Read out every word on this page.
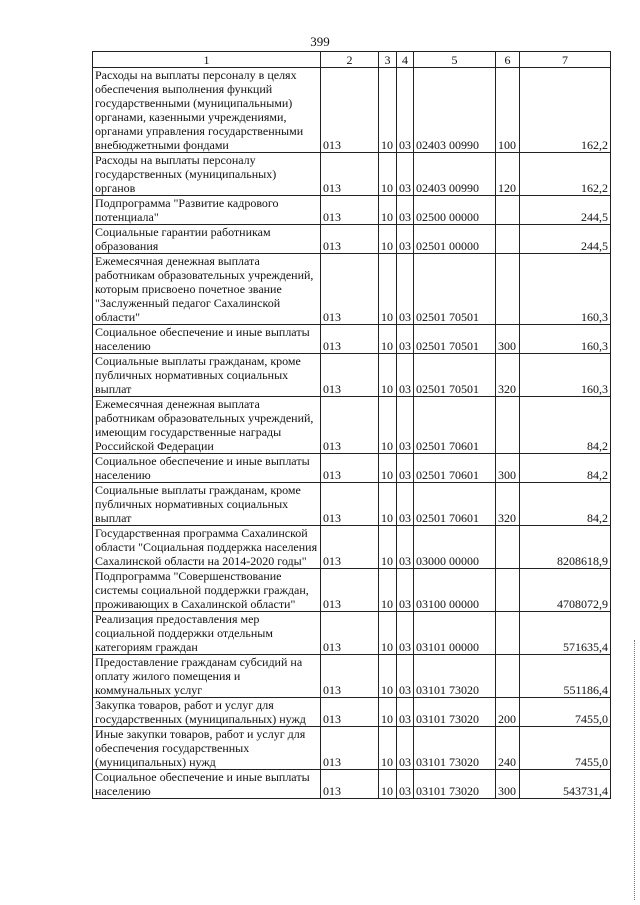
399
1	2	3	4	5	6	7
Расходы на выплаты персоналу в целях обеспечения выполнения функций государственными (муниципальными) органами, казенными учреждениями, органами управления государственными внебюджетными фондами	013	10	03	02403 00990	100	162,2
Расходы на выплаты персоналу государственных (муниципальных) органов	013	10	03	02403 00990	120	162,2
Подпрограмма "Развитие кадрового потенциала"	013	10	03	02500 00000		244,5
Социальные гарантии работникам образования	013	10	03	02501 00000		244,5
Ежемесячная денежная выплата работникам образовательных учреждений, которым присвоено почетное звание "Заслуженный педагог Сахалинской области"	013	10	03	02501 70501		160,3
Социальное обеспечение и иные выплаты населению	013	10	03	02501 70501	300	160,3
Социальные выплаты гражданам, кроме публичных нормативных социальных выплат	013	10	03	02501 70501	320	160,3
Ежемесячная денежная выплата работникам образовательных учреждений, имеющим государственные награды Российской Федерации	013	10	03	02501 70601		84,2
Социальное обеспечение и иные выплаты населению	013	10	03	02501 70601	300	84,2
Социальные выплаты гражданам, кроме публичных нормативных социальных выплат	013	10	03	02501 70601	320	84,2
Государственная программа Сахалинской области "Социальная поддержка населения Сахалинской области на 2014-2020 годы"	013	10	03	03000 00000		8208618,9
Подпрограмма "Совершенствование системы социальной поддержки граждан, проживающих в Сахалинской области"	013	10	03	03100 00000		4708072,9
Реализация предоставления мер социальной поддержки отдельным категориям граждан	013	10	03	03101 00000		571635,4
Предоставление гражданам субсидий на оплату жилого помещения и коммунальных услуг	013	10	03	03101 73020		551186,4
Закупка товаров, работ и услуг для государственных (муниципальных) нужд	013	10	03	03101 73020	200	7455,0
Иные закупки товаров, работ и услуг для обеспечения государственных (муниципальных) нужд	013	10	03	03101 73020	240	7455,0
Социальное обеспечение и иные выплаты населению	013	10	03	03101 73020	300	543731,4
